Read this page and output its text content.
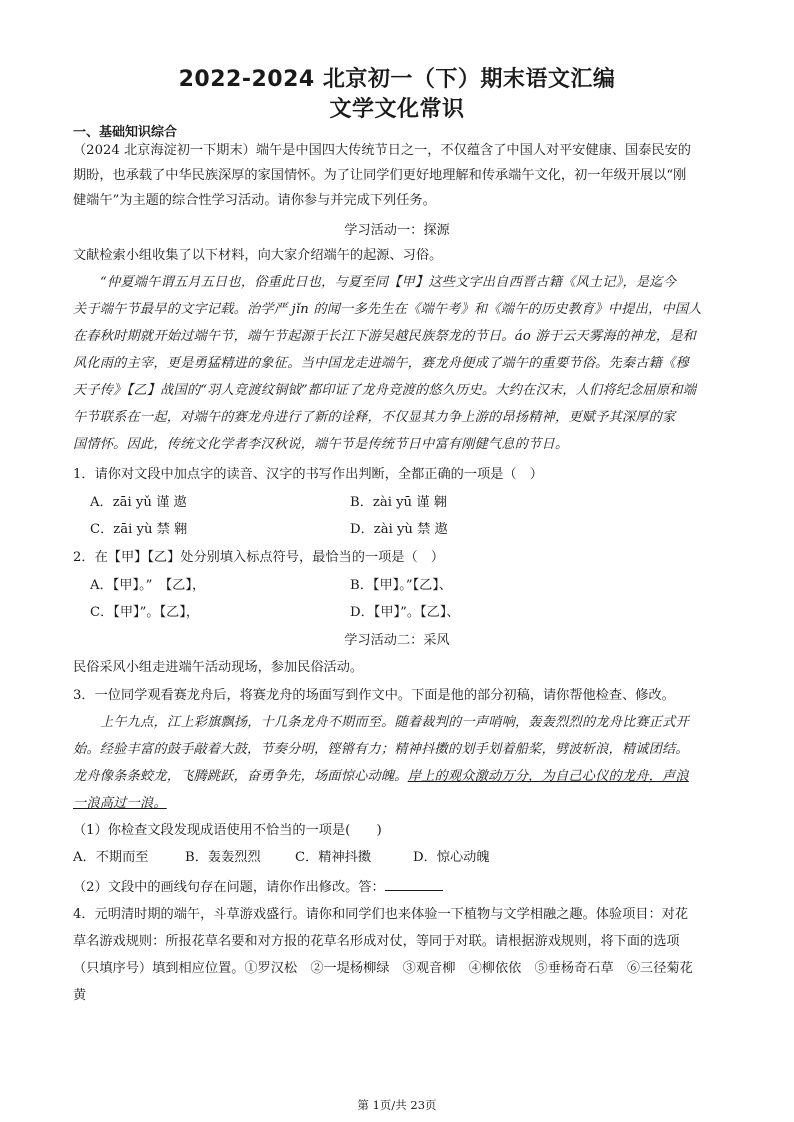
2022-2024 北京初一（下）期末语文汇编
文学文化常识
一、基础知识综合
（2024 北京海淀初一下期末）端午是中国四大传统节日之一，不仅蕴含了中国人对平安健康、国泰民安的
期盼，也承载了中华民族深厚的家国情怀。为了让同学们更好地理解和传承端午文化，初一年级开展以“刚
健端午”为主题的综合性学习活动。请你参与并完成下列任务。
学习活动一：探源
文献检索小组收集了以下材料，向大家介绍端午的起源、习俗。
“仲夏端午谓五月五日也，俗重此日也，与夏至同【甲】这些文字出自西晋古籍《风土记》，是迄今
关于端午节最早的文字记载。治学严 jǐn 的闻一多先生在《端午考》和《端午的历史教育》中提出，中国人
在春秋时期就开始过端午节，端午节起源于长江下游吴越民族祭龙的节日。áo 游于云天雾海的神龙，是和
风化雨的主宰，更是勇猛精进的象征。当中国龙走进端午，赛龙舟便成了端午的重要节俗。先秦古籍《穆
天子传》【乙】战国的“羽人竞渡纹铜钺”都印证了龙舟竞渡的悠久历史。大约在汉末，人们将纪念屈原和端
午节联系在一起，对端午的赛龙舟进行了新的诠释，不仅显其力争上游的昂扬精神，更赋予其深厚的家
国情怀。因此，传统文化学者李汉秋说，端午节是传统节日中富有刚健气息的节日。
1．请你对文段中加点字的读音、汉字的书写作出判断，全都正确的一项是（　）
A．zāi yǔ 谨 遨	B．zài yū 谨 翱
C．zāi yù 禁 翱	D．zài yù 禁 遨
2．在【甲】【乙】处分别填入标点符号，最恰当的一项是（　）
A．【甲】。”　【乙】，	B．【甲】。”【乙】、
C．【甲】”。【乙】，	D．【甲】”。【乙】、
学习活动二：采风
民俗采风小组走进端午活动现场，参加民俗活动。
3．一位同学观看赛龙舟后，将赛龙舟的场面写到作文中。下面是他的部分初稿，请你帮他检查、修改。
上午九点，江上彩旗飘扬，十几条龙舟不期而至。随着裁判的一声哨响，轰轰烈烈的龙舟比赛正式开
始。经验丰富的鼓手敲着大鼓，节奏分明，铿锵有力；精神抖擞的划手划着船桨，劈波斩浪，精诚团结。
龙舟像条条蛟龙，飞腾跳跃，奋勇争先，场面惊心动魄。岸上的观众激动万分，为自己心仪的龙舟，声浪
一浪高过一浪。
（1）你检查文段发现成语使用不恰当的一项是(　　)
A．不期而至	B．轰轰烈烈	C．精神抖擞	D．惊心动魄
（2）文段中的画线句存在问题，请你作出修改。答：
4．元明清时期的端午，斗草游戏盛行。请你和同学们也来体验一下植物与文学相融之趣。体验项目：对花
草名游戏规则：所报花草名要和对方报的花草名形成对仗，等同于对联。请根据游戏规则，将下面的选项
（只填序号）填到相应位置。①罗汉松　②一堤杨柳绿　③观音柳　④柳依依　⑤垂杨奇石草　⑥三径菊花
黄
第 1页/共 23页
